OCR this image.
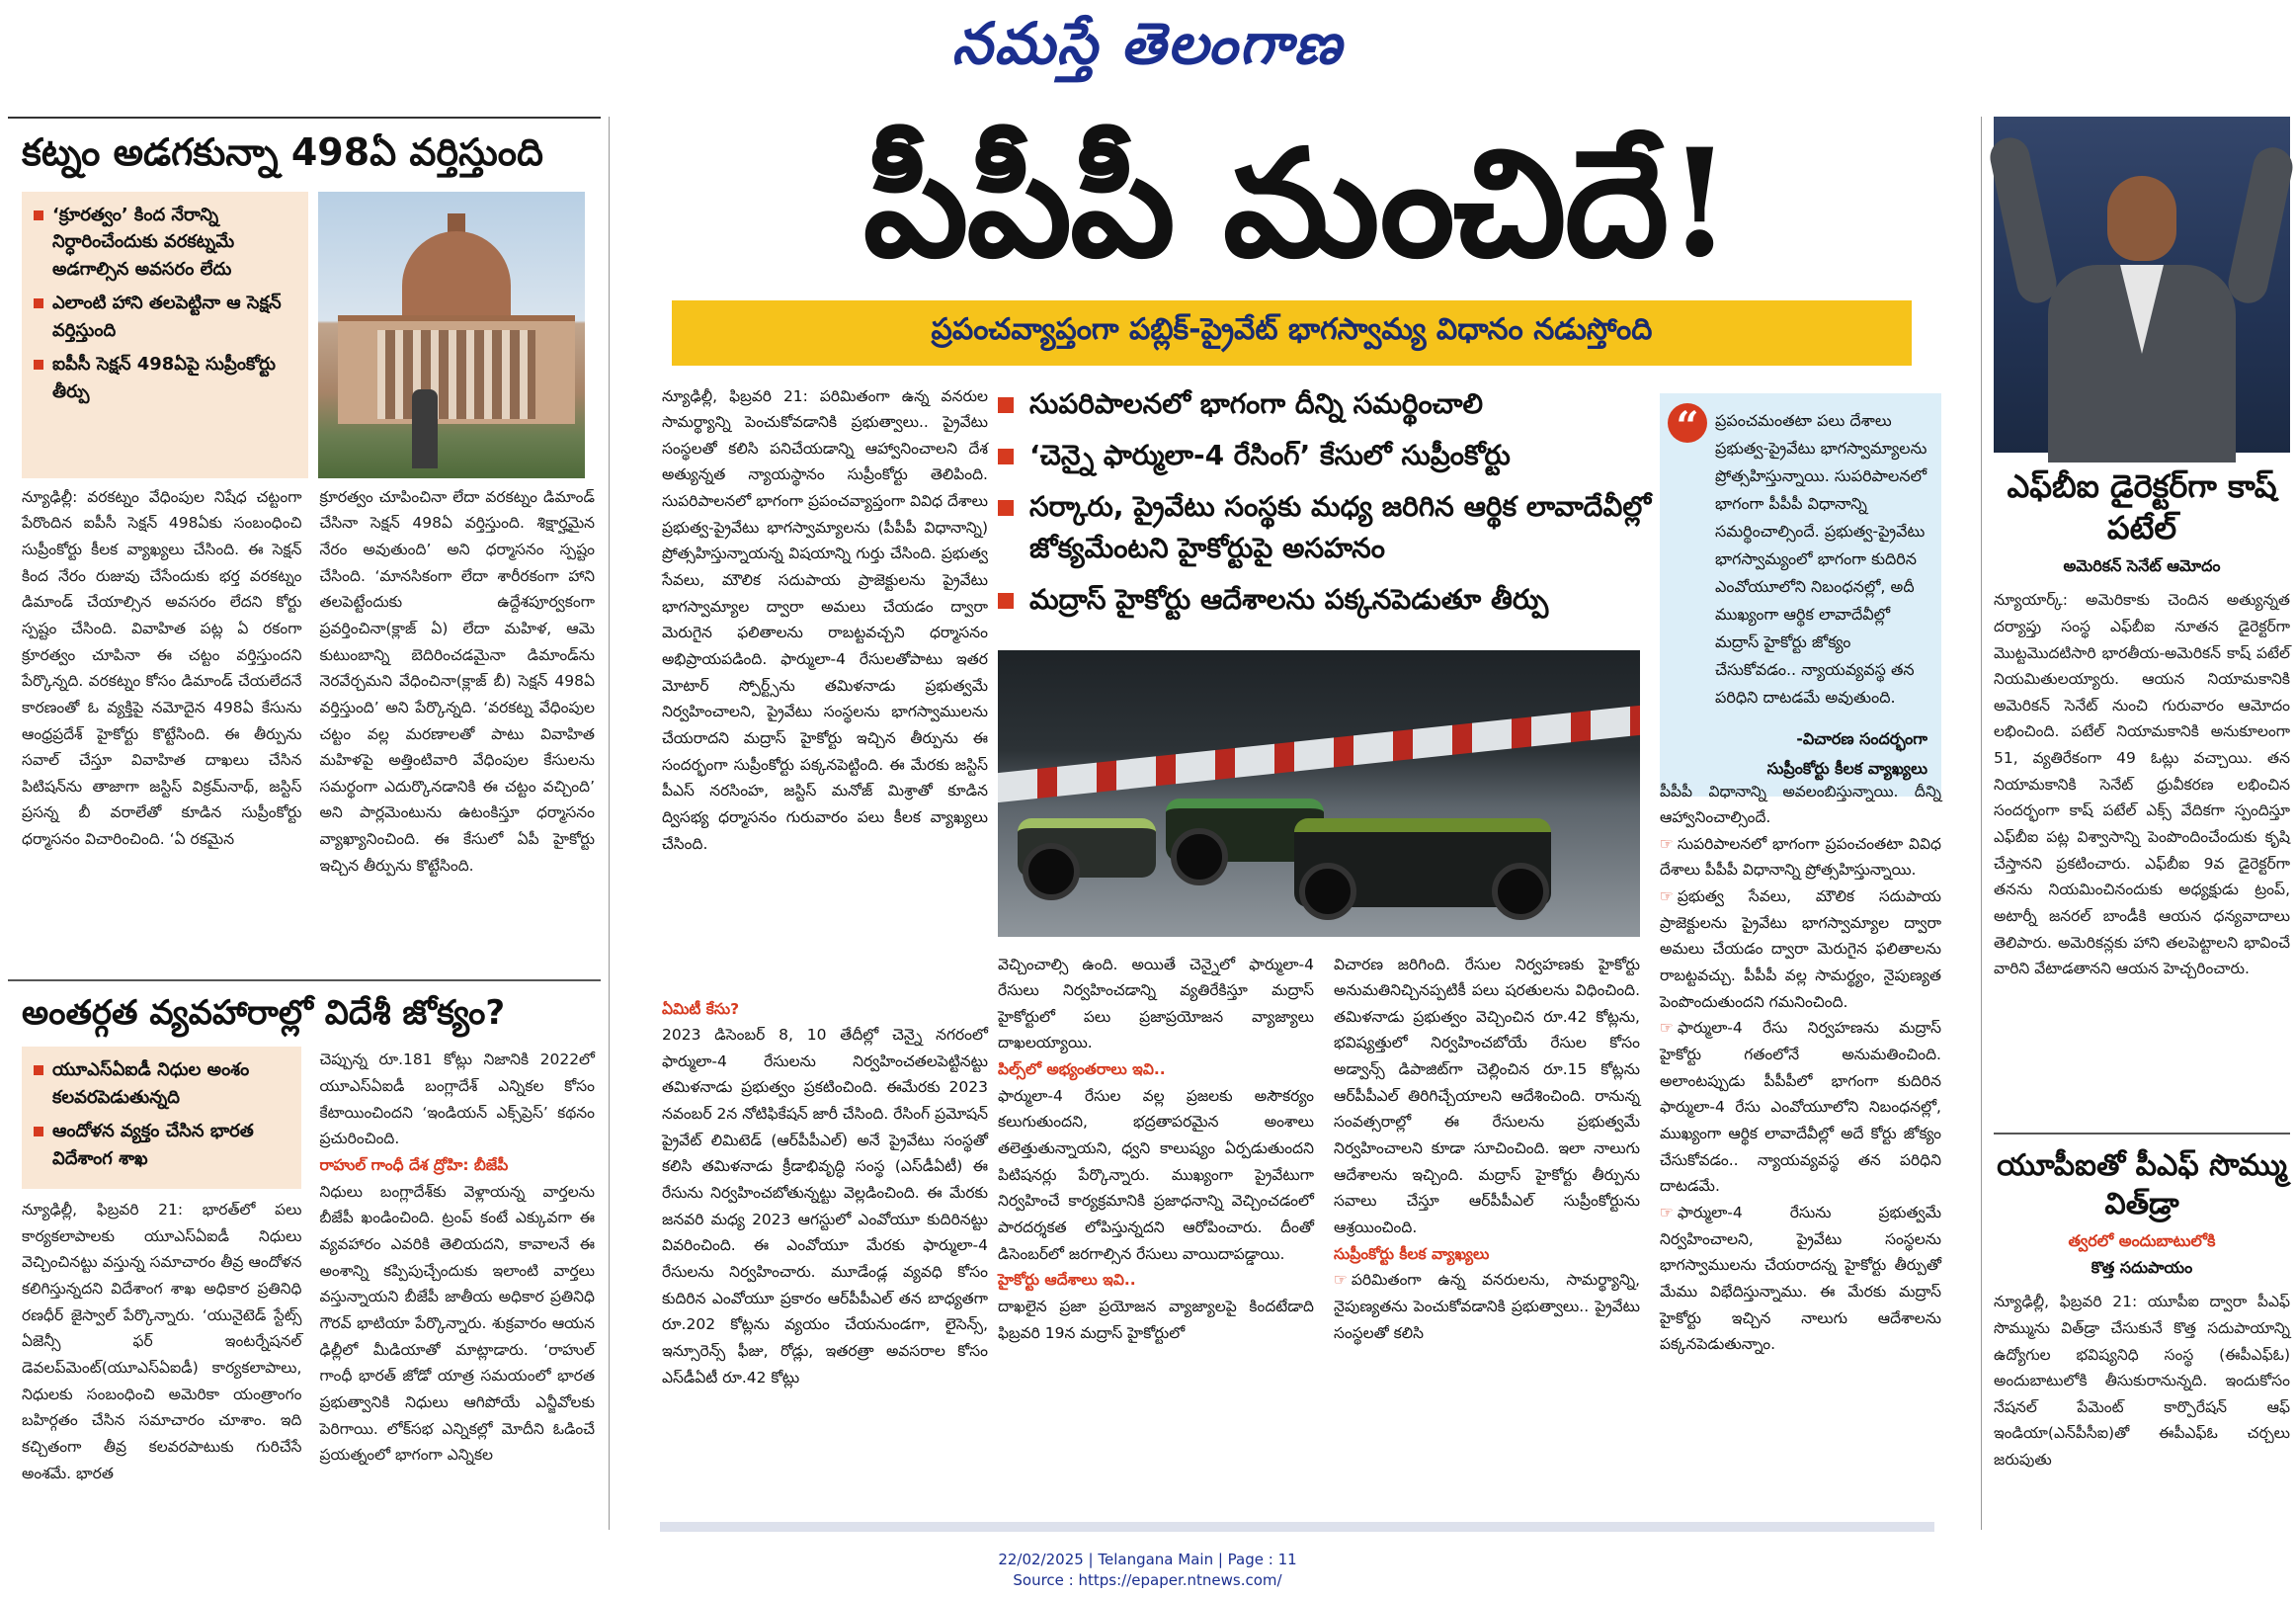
నమస్తే తెలంగాణ
కట్నం అడగకున్నా 498ఏ వర్తిస్తుంది
‘క్రూరత్వం’ కింద నేరాన్ని నిర్ధారించేందుకు వరకట్నమే అడగాల్సిన అవసరం లేదు
ఎలాంటి హాని తలపెట్టినా ఆ సెక్షన్ వర్తిస్తుంది
ఐపీసీ సెక్షన్ 498ఏపై సుప్రీంకోర్టు తీర్పు
న్యూఢిల్లీ: వరకట్నం వేధింపుల నిషేధ చట్టంగా పేరొందిన ఐపీసీ సెక్షన్ 498ఏకు సంబంధించి సుప్రీంకోర్టు కీలక వ్యాఖ్యలు చేసింది. ఈ సెక్షన్ కింద నేరం రుజువు చేసేందుకు భర్త వరకట్నం డిమాండ్ చేయాల్సిన అవసరం లేదని కోర్టు స్పష్టం చేసింది. వివాహిత పట్ల ఏ రకంగా క్రూరత్వం చూపినా ఈ చట్టం వర్తిస్తుందని పేర్కొన్నది. వరకట్నం కోసం డిమాండ్ చేయలేదనే కారణంతో ఓ వ్యక్తిపై నమోదైన 498ఏ కేసును ఆంధ్రప్రదేశ్ హైకోర్టు కొట్టేసింది. ఈ తీర్పును సవాల్ చేస్తూ వివాహిత దాఖలు చేసిన పిటిషన్‌ను తాజాగా జస్టిస్ విక్రమ్‌నాథ్, జస్టిస్ ప్రసన్న బీ వరాలేతో కూడిన సుప్రీంకోర్టు ధర్మాసనం విచారించింది. ‘ఏ రకమైన
క్రూరత్వం చూపించినా లేదా వరకట్నం డిమాండ్ చేసినా సెక్షన్ 498ఏ వర్తిస్తుంది. శిక్షార్హమైన నేరం అవుతుంది’ అని ధర్మాసనం స్పష్టం చేసింది. ‘మానసికంగా లేదా శారీరకంగా హాని తలపెట్టేందుకు ఉద్దేశపూర్వకంగా ప్రవర్తించినా(క్లాజ్ ఏ) లేదా మహిళ, ఆమె కుటుంబాన్ని బెదిరించడమైనా డిమాండ్‌ను నెరవేర్చమని వేధించినా(క్లాజ్ బీ) సెక్షన్ 498ఏ వర్తిస్తుంది’ అని పేర్కొన్నది. ‘వరకట్న వేధింపుల చట్టం వల్ల మరణాలతో పాటు వివాహిత మహిళపై అత్తింటివారి వేధింపుల కేసులను సమర్థంగా ఎదుర్కొనడానికి ఈ చట్టం వచ్చింది’ అని పార్లమెంటును ఉటంకిస్తూ ధర్మాసనం వ్యాఖ్యానించింది. ఈ కేసులో ఏపీ హైకోర్టు ఇచ్చిన తీర్పును కొట్టేసింది.
అంతర్గత వ్యవహారాల్లో విదేశీ జోక్యం?
యూఎస్ఏఐడీ నిధుల అంశం కలవరపెడుతున్నది
ఆందోళన వ్యక్తం చేసిన భారత విదేశాంగ శాఖ
న్యూఢిల్లీ, ఫిబ్రవరి 21: భారత్‌లో పలు కార్యకలాపాలకు యూఎస్ఏఐడీ నిధులు వెచ్చించినట్టు వస్తున్న సమాచారం తీవ్ర ఆందోళన కలిగిస్తున్నదని విదేశాంగ శాఖ అధికార ప్రతినిధి రణధీర్ జైస్వాల్ పేర్కొన్నారు. ‘యునైటెడ్ స్టేట్స్ ఏజెన్సీ ఫర్ ఇంటర్నేషనల్ డెవలప్‌మెంట్(యూఎస్ఏఐడీ) కార్యకలాపాలు, నిధులకు సంబంధించి అమెరికా యంత్రాంగం బహిర్గతం చేసిన సమాచారం చూశాం. ఇది కచ్చితంగా తీవ్ర కలవరపాటుకు గురిచేసే అంశమే. భారత
చెప్పున్న రూ.181 కోట్లు నిజానికి 2022లో యూఎస్ఏఐడీ బంగ్లాదేశ్ ఎన్నికల కోసం కేటాయించిందని ‘ఇండియన్ ఎక్స్‌ప్రెస్’ కథనం ప్రచురించింది.
రాహుల్ గాంధీ దేశ ద్రోహి: బీజేపీ
నిధులు బంగ్లాదేశ్‌కు వెళ్లాయన్న వార్తలను బీజేపీ ఖండించింది. ట్రంప్ కంటే ఎక్కువగా ఈ వ్యవహారం ఎవరికి తెలియదని, కావాలనే ఈ అంశాన్ని కప్పిపుచ్చేందుకు ఇలాంటి వార్తలు వస్తున్నాయని బీజేపీ జాతీయ అధికార ప్రతినిధి గౌరవ్ భాటియా పేర్కొన్నారు. శుక్రవారం ఆయన ఢిల్లీలో మీడియాతో మాట్లాడారు. ‘రాహుల్ గాంధీ భారత్ జోడో యాత్ర సమయంలో భారత ప్రభుత్వానికి నిధులు ఆగిపోయే ఎన్జీవోలకు పెరిగాయి. లోక్‌సభ ఎన్నికల్లో మోదీని ఓడించే ప్రయత్నంలో భాగంగా ఎన్నికల
పీపీపీ మంచిదే!
ప్రపంచవ్యాప్తంగా పబ్లిక్-ప్రైవేట్ భాగస్వామ్య విధానం నడుస్తోంది
న్యూఢిల్లీ, ఫిబ్రవరి 21: పరిమితంగా ఉన్న వనరుల సామర్థ్యాన్ని పెంచుకోవడానికి ప్రభుత్వాలు.. ప్రైవేటు సంస్థలతో కలిసి పనిచేయడాన్ని ఆహ్వానించాలని దేశ అత్యున్నత న్యాయస్థానం సుప్రీంకోర్టు తెలిపింది. సుపరిపాలనలో భాగంగా ప్రపంచవ్యాప్తంగా వివిధ దేశాలు ప్రభుత్వ-ప్రైవేటు భాగస్వామ్యాలను (పీపీపీ విధానాన్ని) ప్రోత్సహిస్తున్నాయన్న విషయాన్ని గుర్తు చేసింది. ప్రభుత్వ సేవలు, మౌలిక సదుపాయ ప్రాజెక్టులను ప్రైవేటు భాగస్వామ్యాల ద్వారా అమలు చేయడం ద్వారా మెరుగైన ఫలితాలను రాబట్టవచ్చని ధర్మాసనం అభిప్రాయపడింది. ఫార్ములా-4 రేసులతోపాటు ఇతర మోటార్ స్పోర్ట్స్‌ను తమిళనాడు ప్రభుత్వమే నిర్వహించాలని, ప్రైవేటు సంస్థలను భాగస్వాములను చేయరాదని మద్రాస్ హైకోర్టు ఇచ్చిన తీర్పును ఈ సందర్భంగా సుప్రీంకోర్టు పక్కనపెట్టింది. ఈ మేరకు జస్టిస్ పీఎస్ నరసింహ, జస్టిస్ మనోజ్ మిశ్రాతో కూడిన ద్విసభ్య ధర్మాసనం గురువారం పలు కీలక వ్యాఖ్యలు చేసింది.
సుపరిపాలనలో భాగంగా దీన్ని సమర్థించాలి
‘చెన్నై ఫార్ములా-4 రేసింగ్’ కేసులో సుప్రీంకోర్టు
సర్కారు, ప్రైవేటు సంస్థకు మధ్య జరిగిన ఆర్థిక లావాదేవీల్లో జోక్యమేంటని హైకోర్టుపై అసహనం
మద్రాస్ హైకోర్టు ఆదేశాలను పక్కనపెడుతూ తీర్పు
“	ప్రపంచమంతటా పలు దేశాలు ప్రభుత్వ-ప్రైవేటు భాగస్వామ్యాలను ప్రోత్సహిస్తున్నాయి. సుపరిపాలనలో భాగంగా పీపీపీ విధానాన్ని సమర్థించాల్సిందే. ప్రభుత్వ-ప్రైవేటు భాగస్వామ్యంలో భాగంగా కుదిరిన ఎంవోయూలోని నిబంధనల్లో, అదీ ముఖ్యంగా ఆర్థిక లావాదేవీల్లో మద్రాస్ హైకోర్టు జోక్యం చేసుకోవడం.. న్యాయవ్యవస్థ తన పరిధిని దాటడమే అవుతుంది.
-విచారణ సందర్భంగా
సుప్రీంకోర్టు కీలక వ్యాఖ్యలు
పీపీపీ విధానాన్ని అవలంబిస్తున్నాయి. దీన్ని ఆహ్వానించాల్సిందే.
☞ సుపరిపాలనలో భాగంగా ప్రపంచంతటా వివిధ దేశాలు పీపీపీ విధానాన్ని ప్రోత్సహిస్తున్నాయి.
☞ ప్రభుత్వ సేవలు, మౌలిక సదుపాయ ప్రాజెక్టులను ప్రైవేటు భాగస్వామ్యాల ద్వారా అమలు చేయడం ద్వారా మెరుగైన ఫలితాలను రాబట్టవచ్చు. పీపీపీ వల్ల సామర్థ్యం, నైపుణ్యత పెంపొందుతుందని గమనించింది.
☞ ఫార్ములా-4 రేసు నిర్వహణను మద్రాస్ హైకోర్టు గతంలోనే అనుమతించింది. అలాంటప్పుడు పీపీపీలో భాగంగా కుదిరిన ఫార్ములా-4 రేసు ఎంవోయూలోని నిబంధనల్లో, ముఖ్యంగా ఆర్థిక లావాదేవీల్లో అదే కోర్టు జోక్యం చేసుకోవడం.. న్యాయవ్యవస్థ తన పరిధిని దాటడమే.
☞ ఫార్ములా-4 రేసును ప్రభుత్వమే నిర్వహించాలని, ప్రైవేటు సంస్థలను భాగస్వాములను చేయరాదన్న హైకోర్టు తీర్పుతో మేము విభేదిస్తున్నాము. ఈ మేరకు మద్రాస్ హైకోర్టు ఇచ్చిన నాలుగు ఆదేశాలను పక్కనపెడుతున్నాం.
ఏమిటీ కేసు?
2023 డిసెంబర్ 8, 10 తేదీల్లో చెన్నై నగరంలో ఫార్ములా-4 రేసులను నిర్వహించతలపెట్టినట్టు తమిళనాడు ప్రభుత్వం ప్రకటించింది. ఈమేరకు 2023 నవంబర్ 2న నోటిఫికేషన్ జారీ చేసింది. రేసింగ్ ప్రమోషన్ ప్రైవేట్ లిమిటెడ్ (ఆర్‌పీపీఎల్) అనే ప్రైవేటు సంస్థతో కలిసి తమిళనాడు క్రీడాభివృద్ధి సంస్థ (ఎస్‌డీఏటీ) ఈ రేసును నిర్వహించబోతున్నట్టు వెల్లడించింది. ఈ మేరకు జనవరి మధ్య 2023 ఆగస్టులో ఎంవోయూ కుదిరినట్టు వివరించింది. ఈ ఎంవోయూ మేరకు ఫార్ములా-4 రేసులను నిర్వహించారు. మూడేండ్ల వ్యవధి కోసం కుదిరిన ఎంవోయూ ప్రకారం ఆర్‌పీపీఎల్ తన బాధ్యతగా రూ.202 కోట్లను వ్యయం చేయనుండగా, లైసెన్స్, ఇన్సూరెన్స్ ఫీజు, రోడ్లు, ఇతరత్రా అవసరాల కోసం ఎస్‌డీఏటీ రూ.42 కోట్లు
వెచ్చించాల్సి ఉంది. అయితే చెన్నైలో ఫార్ములా-4 రేసులు నిర్వహించడాన్ని వ్యతిరేకిస్తూ మద్రాస్ హైకోర్టులో పలు ప్రజాప్రయోజన వ్యాజ్యాలు దాఖలయ్యాయి.
పిల్స్‌లో అభ్యంతరాలు ఇవి..
ఫార్ములా-4 రేసుల వల్ల ప్రజలకు అసౌకర్యం కలుగుతుందని, భద్రతాపరమైన అంశాలు తలెత్తుతున్నాయని, ధ్వని కాలుష్యం ఏర్పడుతుందని పిటిషనర్లు పేర్కొన్నారు. ముఖ్యంగా ప్రైవేటుగా నిర్వహించే కార్యక్రమానికి ప్రజాధనాన్ని వెచ్చించడంలో పారదర్శకత లోపిస్తున్నదని ఆరోపించారు. దీంతో డిసెంబర్‌లో జరగాల్సిన రేసులు వాయిదాపడ్డాయి.
హైకోర్టు ఆదేశాలు ఇవి..
దాఖలైన ప్రజా ప్రయోజన వ్యాజ్యాలపై కిందటేడాది ఫిబ్రవరి 19న మద్రాస్ హైకోర్టులో
విచారణ జరిగింది. రేసుల నిర్వహణకు హైకోర్టు అనుమతినిచ్చినప్పటికీ పలు షరతులను విధించింది. తమిళనాడు ప్రభుత్వం వెచ్చించిన రూ.42 కోట్లను, భవిష్యత్తులో నిర్వహించబోయే రేసుల కోసం అడ్వాన్స్ డిపాజిట్‌గా చెల్లించిన రూ.15 కోట్లను ఆర్‌పీపీఎల్ తిరిగిచ్చేయాలని ఆదేశించింది. రానున్న సంవత్సరాల్లో ఈ రేసులను ప్రభుత్వమే నిర్వహించాలని కూడా సూచించింది. ఇలా నాలుగు ఆదేశాలను ఇచ్చింది. మద్రాస్ హైకోర్టు తీర్పును సవాలు చేస్తూ ఆర్‌పీపీఎల్ సుప్రీంకోర్టును ఆశ్రయించింది.
సుప్రీంకోర్టు కీలక వ్యాఖ్యలు
☞ పరిమితంగా ఉన్న వనరులను, సామర్థ్యాన్ని, నైపుణ్యతను పెంచుకోవడానికి ప్రభుత్వాలు.. ప్రైవేటు సంస్థలతో కలిసి
ఎఫ్‌బీఐ డైరెక్టర్‌గా కాష్ పటేల్
అమెరికన్ సెనేట్ ఆమోదం
న్యూయార్క్: అమెరికాకు చెందిన అత్యున్నత దర్యాప్తు సంస్థ ఎఫ్‌బీఐ నూతన డైరెక్టర్‌గా మొట్టమొదటిసారి భారతీయ-అమెరికన్ కాష్ పటేల్ నియమితులయ్యారు. ఆయన నియామకానికి అమెరికన్ సెనేట్ నుంచి గురువారం ఆమోదం లభించింది. పటేల్ నియామకానికి అనుకూలంగా 51, వ్యతిరేకంగా 49 ఓట్లు వచ్చాయి. తన నియామకానికి సెనేట్ ధ్రువీకరణ లభించిన సందర్భంగా కాష్ పటేల్ ఎక్స్ వేదికగా స్పందిస్తూ ఎఫ్‌బీఐ పట్ల విశ్వాసాన్ని పెంపొందించేందుకు కృషి చేస్తానని ప్రకటించారు. ఎఫ్‌బీఐ 9వ డైరెక్టర్‌గా తనను నియమించినందుకు అధ్యక్షుడు ట్రంప్, అటార్నీ జనరల్ బాండీకి ఆయన ధన్యవాదాలు తెలిపారు. అమెరికన్లకు హాని తలపెట్టాలని భావించే వారిని వేటాడతానని ఆయన హెచ్చరించారు.
యూపీఐతో పీఎఫ్ సొమ్ము విత్‌డ్రా
త్వరలో అందుబాటులోకి
కొత్త సదుపాయం
న్యూఢిల్లీ, ఫిబ్రవరి 21: యూపీఐ ద్వారా పీఎఫ్ సొమ్మును విత్‌డ్రా చేసుకునే కొత్త సదుపాయాన్ని ఉద్యోగుల భవిష్యనిధి సంస్థ (ఈపీఎఫ్‌ఓ) అందుబాటులోకి తీసుకురానున్నది. ఇందుకోసం నేషనల్ పేమెంట్ కార్పొరేషన్ ఆఫ్ ఇండియా(ఎన్‌పీసీఐ)తో ఈపీఎఫ్‌ఓ చర్చలు జరుపుతు
22/02/2025 | Telangana Main | Page : 11
Source : https://epaper.ntnews.com/
